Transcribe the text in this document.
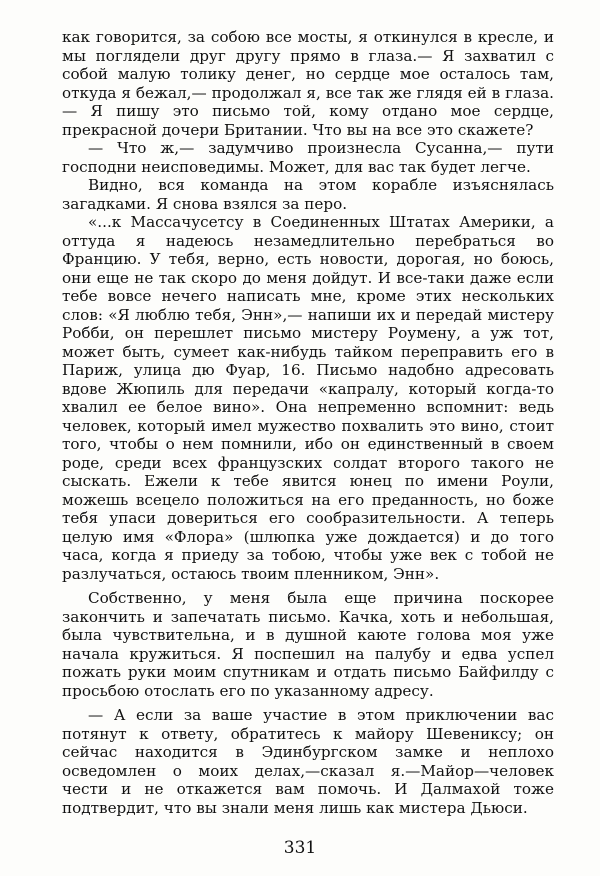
как говорится, за собою все мосты, я откинулся в кресле, и мы поглядели друг другу прямо в глаза.— Я захватил с собой малую толику денег, но сердце мое осталось там, откуда я бежал,— продолжал я, все так же глядя ей в глаза.— Я пишу это письмо той, кому отдано мое сердце, прекрасной дочери Британии. Что вы на все это скажете?

— Что ж,— задумчиво произнесла Сусанна,— пути господни неисповедимы. Может, для вас так будет легче.

Видно, вся команда на этом корабле изъяснялась загадками. Я снова взялся за перо.

«...к Массачусетсу в Соединенных Штатах Америки, а оттуда я надеюсь незамедлительно перебраться во Францию. У тебя, верно, есть новости, дорогая, но боюсь, они еще не так скоро до меня дойдут. И все-таки даже если тебе вовсе нечего написать мне, кроме этих нескольких слов: «Я люблю тебя, Энн»,— напиши их и передай мистеру Робби, он перешлет письмо мистеру Роумену, а уж тот, может быть, сумеет как-нибудь тайком переправить его в Париж, улица дю Фуар, 16. Письмо надобно адресовать вдове Жюпиль для передачи «капралу, который когда-то хвалил ее белое вино». Она непременно вспомнит: ведь человек, который имел мужество похвалить это вино, стоит того, чтобы о нем помнили, ибо он единственный в своем роде, среди всех французских солдат второго такого не сыскать. Ежели к тебе явится юнец по имени Роули, можешь всецело положиться на его преданность, но боже тебя упаси довериться его сообразительности. А теперь целую имя «Флора» (шлюпка уже дождается) и до того часа, когда я приеду за тобою, чтобы уже век с тобой не разлучаться, остаюсь твоим пленником, Энн».

Собственно, у меня была еще причина поскорее закончить и запечатать письмо. Качка, хоть и небольшая, была чувствительна, и в душной каюте голова моя уже начала кружиться. Я поспешил на палубу и едва успел пожать руки моим спутникам и отдать письмо Байфилду с просьбою отослать его по указанному адресу.

— А если за ваше участие в этом приключении вас потянут к ответу, обратитесь к майору Шевениксу; он сейчас находится в Эдинбургском замке и неплохо осведомлен о моих делах,—сказал я.—Майор—человек чести и не откажется вам помочь. И Далмахой тоже подтвердит, что вы знали меня лишь как мистера Дьюси.

331
